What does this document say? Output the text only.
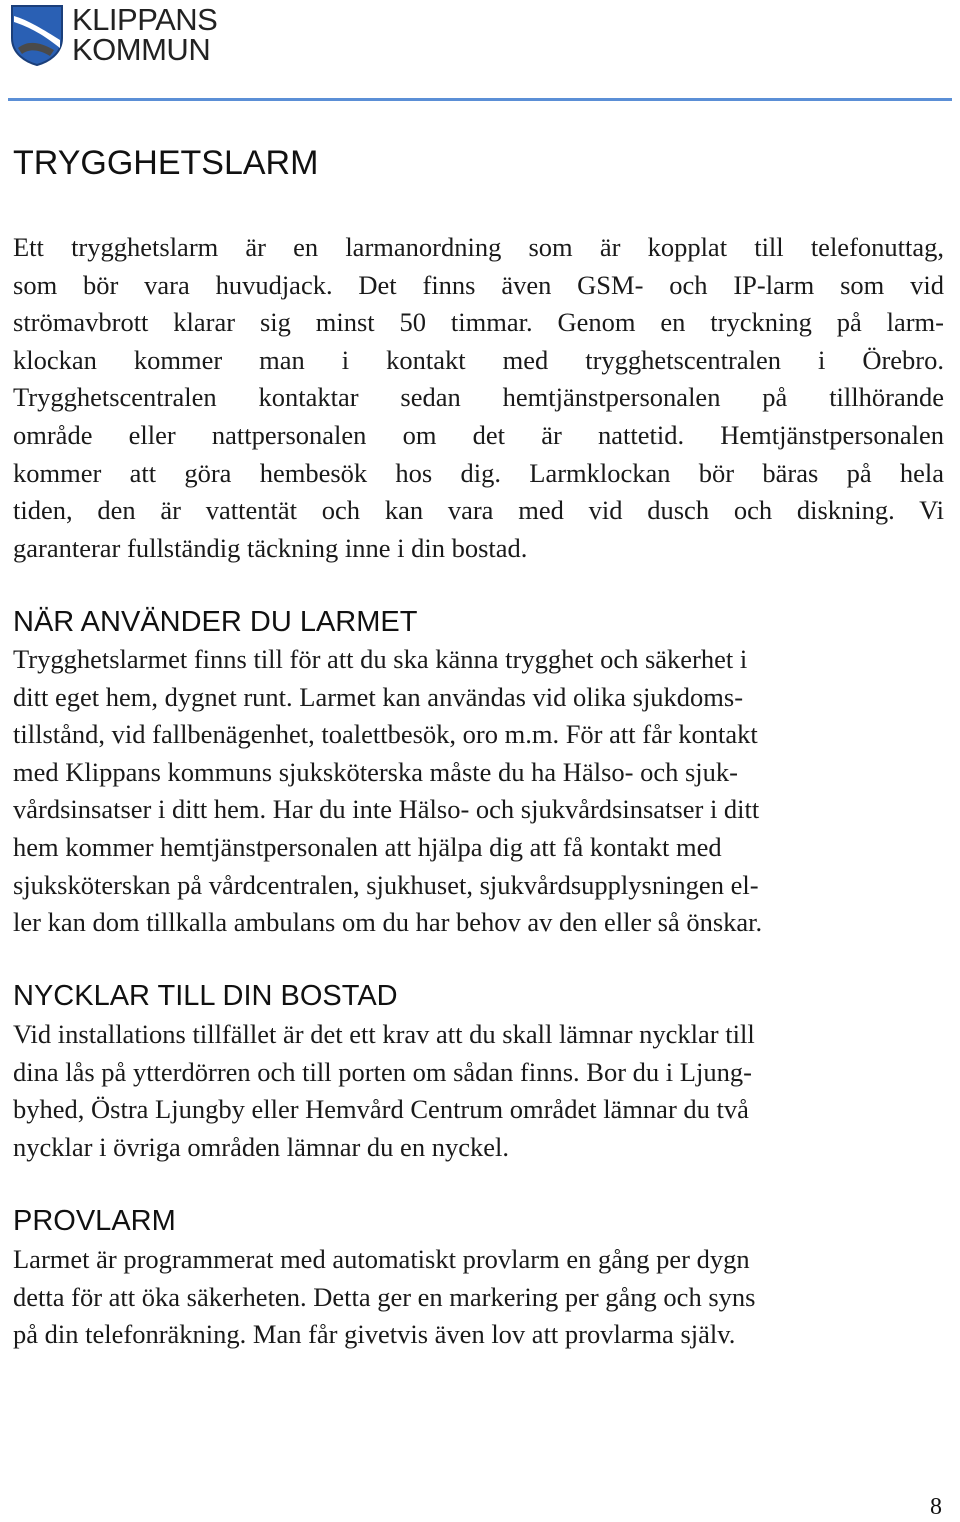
KLIPPANS
KOMMUN
TRYGGHETSLARM
Ett trygghetslarm är en larmanordning som är kopplat till telefonuttag,
som bör vara huvudjack. Det finns även GSM- och IP-larm som vid
strömavbrott klarar sig minst 50 timmar. Genom en tryckning på larm-
klockan kommer man i kontakt med trygghetscentralen i Örebro.
Trygghetscentralen kontaktar sedan hemtjänstpersonalen på tillhörande
område eller nattpersonalen om det är nattetid. Hemtjänstpersonalen
kommer att göra hembesök hos dig. Larmklockan bör bäras på hela
tiden, den är vattentät och kan vara med vid dusch och diskning. Vi
garanterar fullständig täckning inne i din bostad.
NÄR ANVÄNDER DU LARMET
Trygghetslarmet finns till för att du ska känna trygghet och säkerhet i
ditt eget hem, dygnet runt. Larmet kan användas vid olika sjukdoms-
tillstånd, vid fallbenägenhet, toalettbesök, oro m.m. För att får kontakt
med Klippans kommuns sjuksköterska måste du ha Hälso- och sjuk-
vårdsinsatser i ditt hem. Har du inte Hälso- och sjukvårdsinsatser i ditt
hem kommer hemtjänstpersonalen att hjälpa dig att få kontakt med
sjuksköterskan på vårdcentralen, sjukhuset, sjukvårdsupplysningen el-
ler kan dom tillkalla ambulans om du har behov av den eller så önskar.
NYCKLAR TILL DIN BOSTAD
Vid installations tillfället är det ett krav att du skall lämnar nycklar till
dina lås på ytterdörren och till porten om sådan finns. Bor du i Ljung-
byhed, Östra Ljungby eller Hemvård Centrum området lämnar du två
nycklar i övriga områden lämnar du en nyckel.
PROVLARM
Larmet är programmerat med automatiskt provlarm en gång per dygn
detta för att öka säkerheten. Detta ger en markering per gång och syns
på din telefonräkning. Man får givetvis även lov att provlarma själv.
8
